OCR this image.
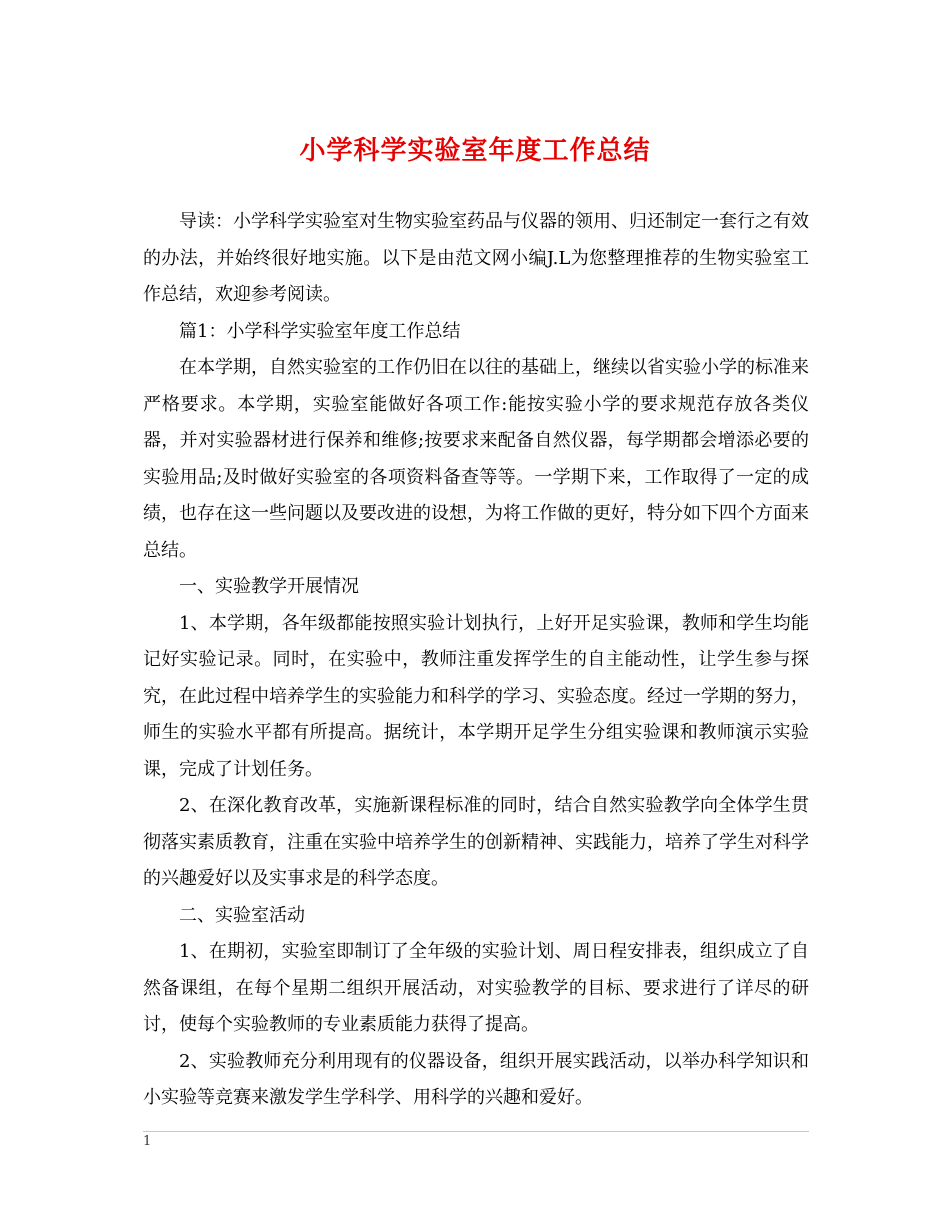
小学科学实验室年度工作总结

导读：小学科学实验室对生物实验室药品与仪器的领用、归还制定一套行之有效的办法，并始终很好地实施。以下是由范文网小编J.L为您整理推荐的生物实验室工作总结，欢迎参考阅读。

篇1：小学科学实验室年度工作总结

在本学期，自然实验室的工作仍旧在以往的基础上，继续以省实验小学的标准来严格要求。本学期，实验室能做好各项工作:能按实验小学的要求规范存放各类仪器，并对实验器材进行保养和维修;按要求来配备自然仪器，每学期都会增添必要的实验用品;及时做好实验室的各项资料备查等等。一学期下来，工作取得了一定的成绩，也存在这一些问题以及要改进的设想，为将工作做的更好，特分如下四个方面来总结。

一、实验教学开展情况

1、本学期，各年级都能按照实验计划执行，上好开足实验课，教师和学生均能记好实验记录。同时，在实验中，教师注重发挥学生的自主能动性，让学生参与探究，在此过程中培养学生的实验能力和科学的学习、实验态度。经过一学期的努力，师生的实验水平都有所提高。据统计，本学期开足学生分组实验课和教师演示实验课，完成了计划任务。

2、在深化教育改革，实施新课程标准的同时，结合自然实验教学向全体学生贯彻落实素质教育，注重在实验中培养学生的创新精神、实践能力，培养了学生对科学的兴趣爱好以及实事求是的科学态度。

二、实验室活动

1、在期初，实验室即制订了全年级的实验计划、周日程安排表，组织成立了自然备课组，在每个星期二组织开展活动，对实验教学的目标、要求进行了详尽的研讨，使每个实验教师的专业素质能力获得了提高。

2、实验教师充分利用现有的仪器设备，组织开展实践活动，以举办科学知识和小实验等竞赛来激发学生学科学、用科学的兴趣和爱好。

1
